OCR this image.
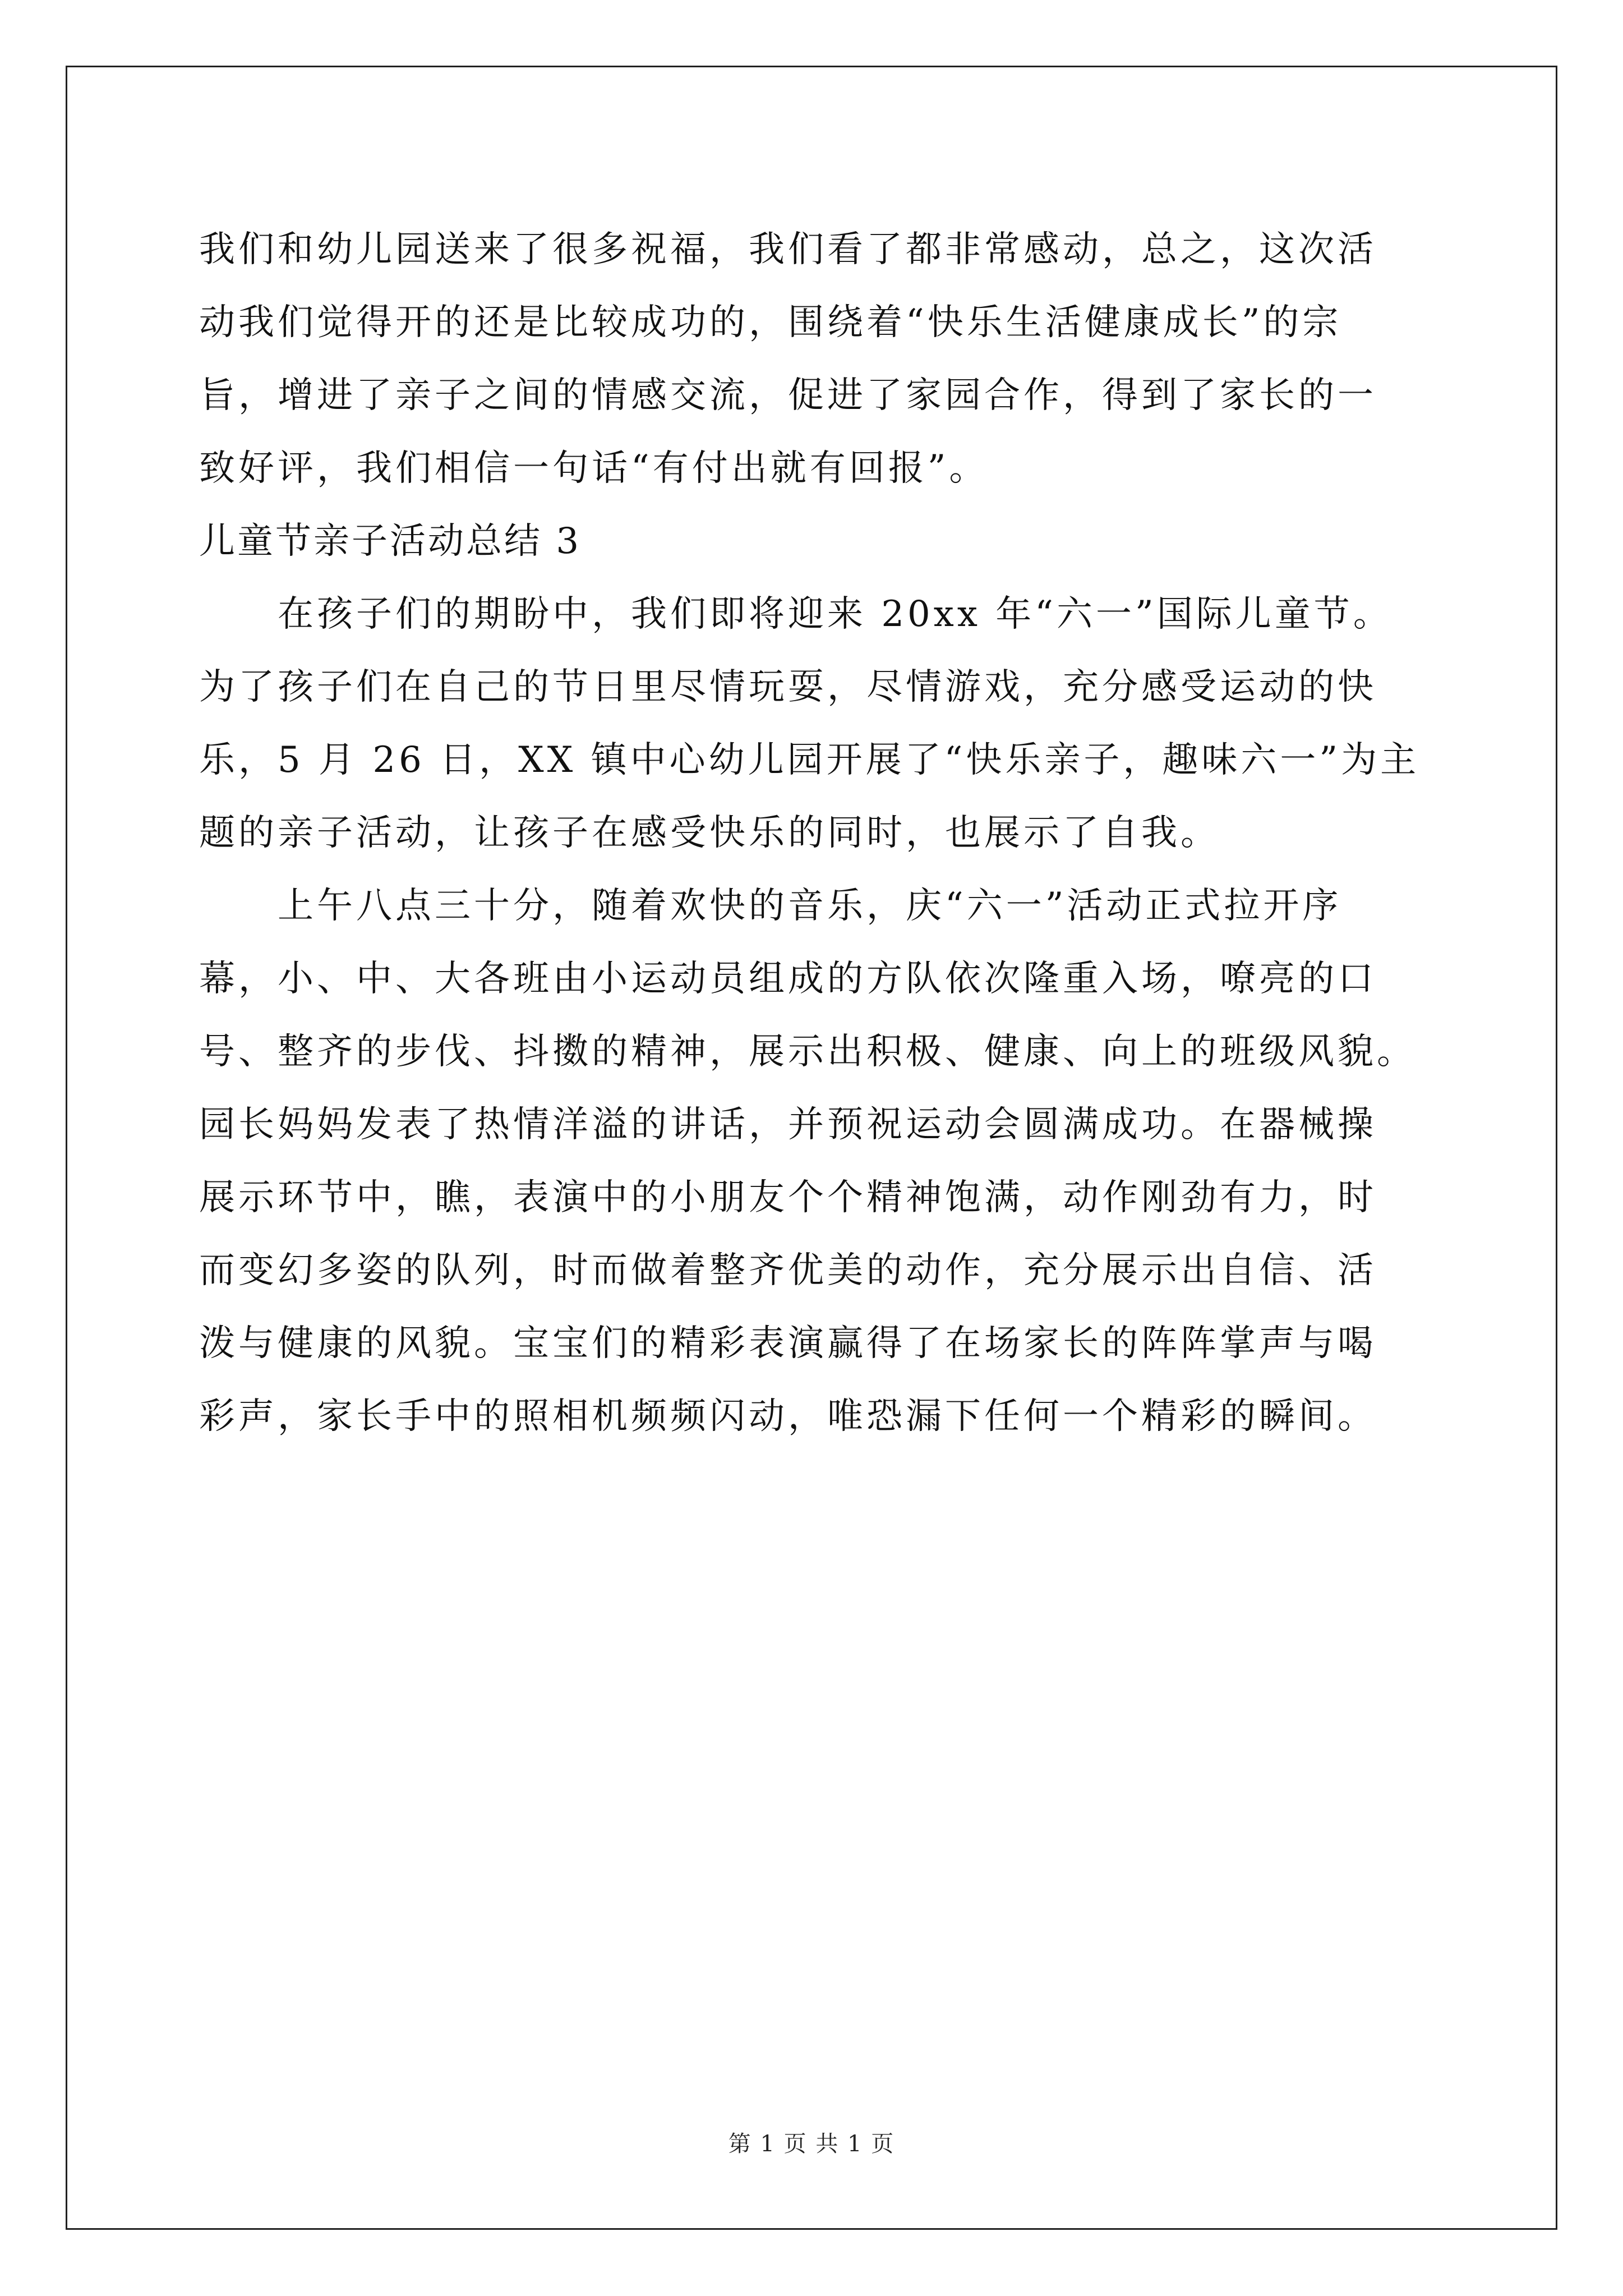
我们和幼儿园送来了很多祝福，我们看了都非常感动，总之，这次活
动我们觉得开的还是比较成功的，围绕着“快乐生活健康成长”的宗
旨，增进了亲子之间的情感交流，促进了家园合作，得到了家长的一
致好评，我们相信一句话“有付出就有回报”。
儿童节亲子活动总结 3
在孩子们的期盼中，我们即将迎来 20xx 年“六一”国际儿童节。
为了孩子们在自己的节日里尽情玩耍，尽情游戏，充分感受运动的快
乐，5 月 26 日，XX 镇中心幼儿园开展了“快乐亲子，趣味六一”为主
题的亲子活动，让孩子在感受快乐的同时，也展示了自我。
上午八点三十分，随着欢快的音乐，庆“六一”活动正式拉开序
幕，小、中、大各班由小运动员组成的方队依次隆重入场，嘹亮的口
号、整齐的步伐、抖擞的精神，展示出积极、健康、向上的班级风貌。
园长妈妈发表了热情洋溢的讲话，并预祝运动会圆满成功。在器械操
展示环节中，瞧，表演中的小朋友个个精神饱满，动作刚劲有力，时
而变幻多姿的队列，时而做着整齐优美的动作，充分展示出自信、活
泼与健康的风貌。宝宝们的精彩表演赢得了在场家长的阵阵掌声与喝
彩声，家长手中的照相机频频闪动，唯恐漏下任何一个精彩的瞬间。
第 1 页 共 1 页
